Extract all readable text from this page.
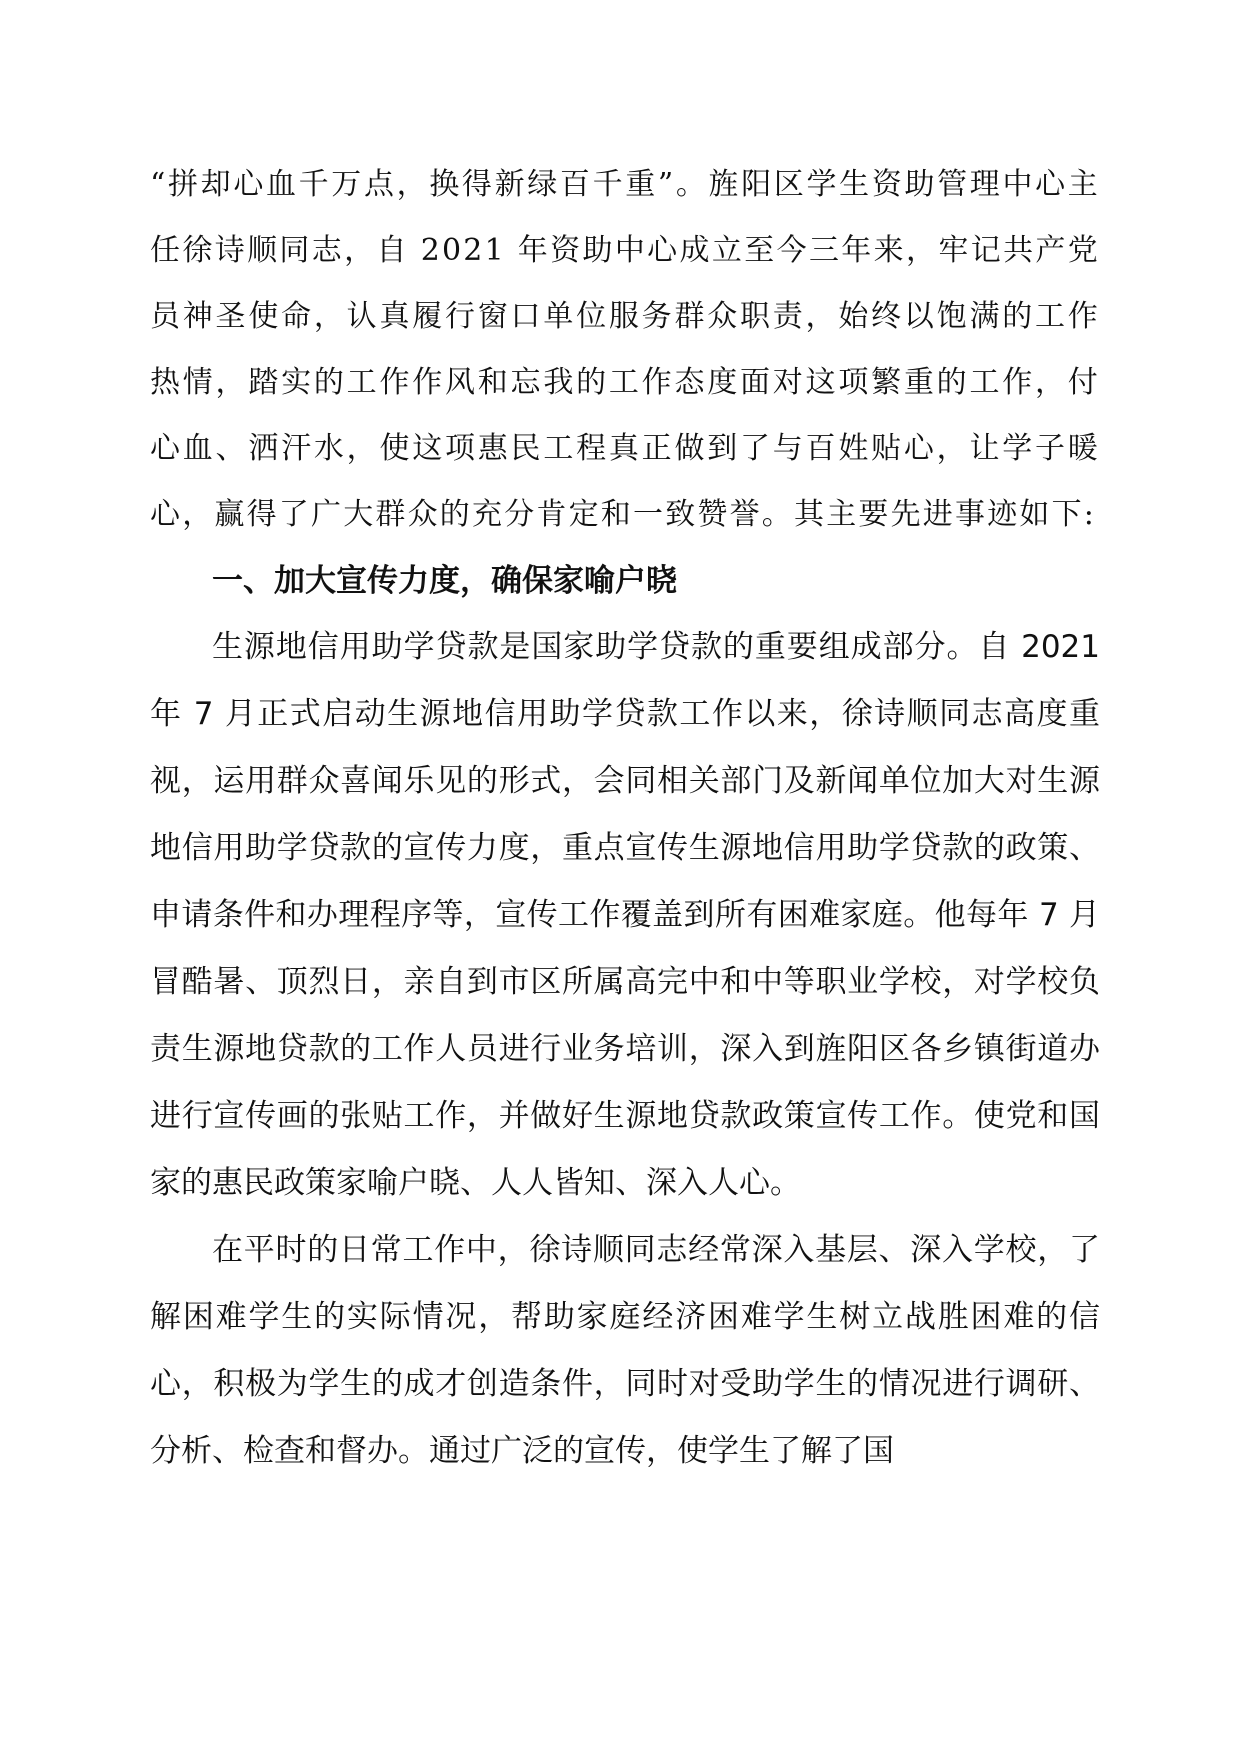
“拼却心血千万点，换得新绿百千重”。旌阳区学生资助管理中心主任徐诗顺同志，自 2021 年资助中心成立至今三年来，牢记共产党员神圣使命，认真履行窗口单位服务群众职责，始终以饱满的工作热情，踏实的工作作风和忘我的工作态度面对这项繁重的工作，付心血、洒汗水，使这项惠民工程真正做到了与百姓贴心，让学子暖心，赢得了广大群众的充分肯定和一致赞誉。其主要先进事迹如下:

一、加大宣传力度，确保家喻户晓

生源地信用助学贷款是国家助学贷款的重要组成部分。自 2021 年 7 月正式启动生源地信用助学贷款工作以来，徐诗顺同志高度重视，运用群众喜闻乐见的形式，会同相关部门及新闻单位加大对生源地信用助学贷款的宣传力度，重点宣传生源地信用助学贷款的政策、申请条件和办理程序等，宣传工作覆盖到所有困难家庭。他每年 7 月冒酷暑、顶烈日，亲自到市区所属高完中和中等职业学校，对学校负责生源地贷款的工作人员进行业务培训，深入到旌阳区各乡镇街道办进行宣传画的张贴工作，并做好生源地贷款政策宣传工作。使党和国家的惠民政策家喻户晓、人人皆知、深入人心。

在平时的日常工作中，徐诗顺同志经常深入基层、深入学校，了解困难学生的实际情况，帮助家庭经济困难学生树立战胜困难的信心，积极为学生的成才创造条件，同时对受助学生的情况进行调研、分析、检查和督办。通过广泛的宣传，使学生了解了国
